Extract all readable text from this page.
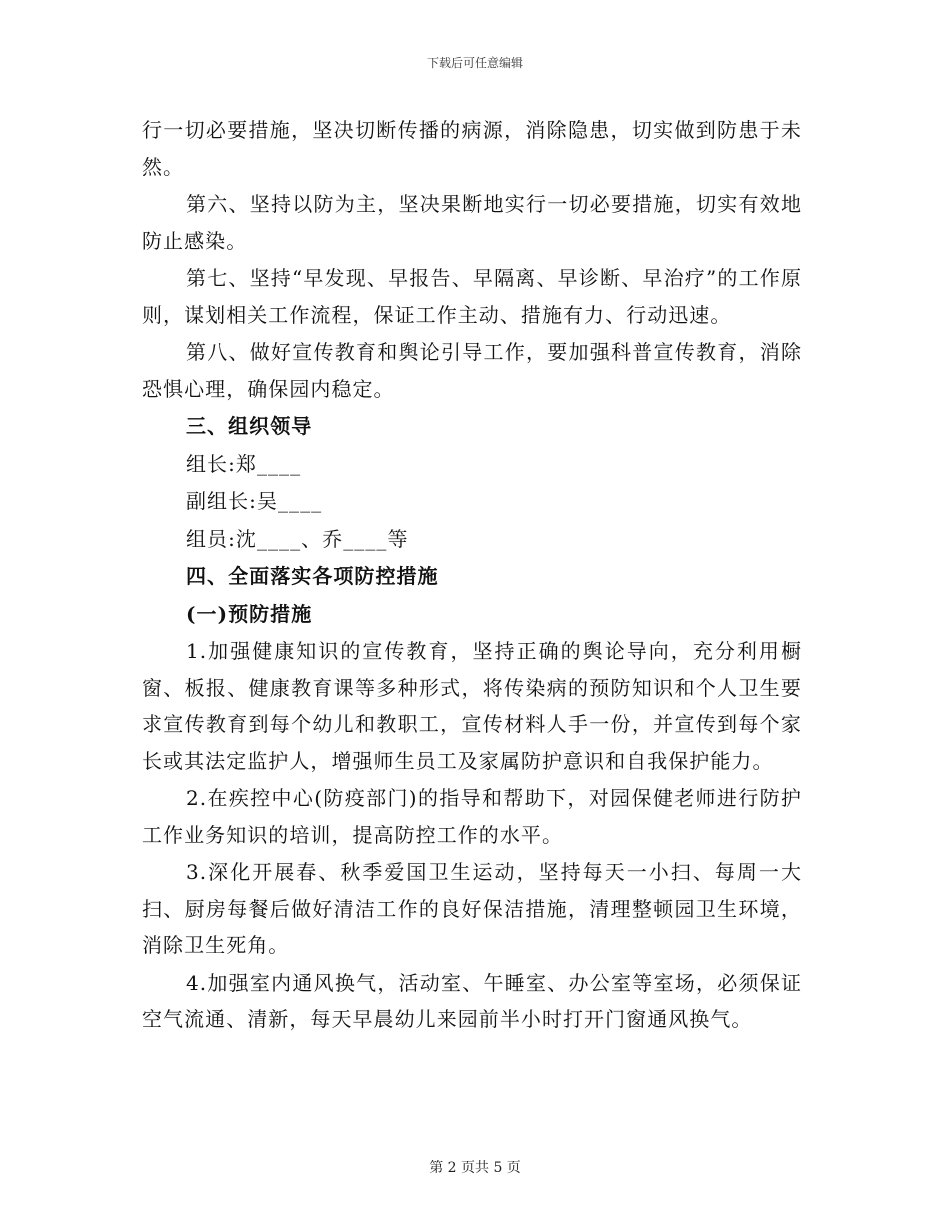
下载后可任意编辑

行一切必要措施，坚决切断传播的病源，消除隐患，切实做到防患于未然。

第六、坚持以防为主，坚决果断地实行一切必要措施，切实有效地防止感染。

第七、坚持“早发现、早报告、早隔离、早诊断、早治疗”的工作原则，谋划相关工作流程，保证工作主动、措施有力、行动迅速。

第八、做好宣传教育和舆论引导工作，要加强科普宣传教育，消除恐惧心理，确保园内稳定。

三、组织领导

组长:郑____

副组长:吴____

组员:沈____、乔____等

四、全面落实各项防控措施

(一)预防措施

1.加强健康知识的宣传教育，坚持正确的舆论导向，充分利用橱窗、板报、健康教育课等多种形式，将传染病的预防知识和个人卫生要求宣传教育到每个幼儿和教职工，宣传材料人手一份，并宣传到每个家长或其法定监护人，增强师生员工及家属防护意识和自我保护能力。

2.在疾控中心(防疫部门)的指导和帮助下，对园保健老师进行防护工作业务知识的培训，提高防控工作的水平。

3.深化开展春、秋季爱国卫生运动，坚持每天一小扫、每周一大扫、厨房每餐后做好清洁工作的良好保洁措施，清理整顿园卫生环境，消除卫生死角。

4.加强室内通风换气，活动室、午睡室、办公室等室场，必须保证空气流通、清新，每天早晨幼儿来园前半小时打开门窗通风换气。

第 2 页共 5 页
